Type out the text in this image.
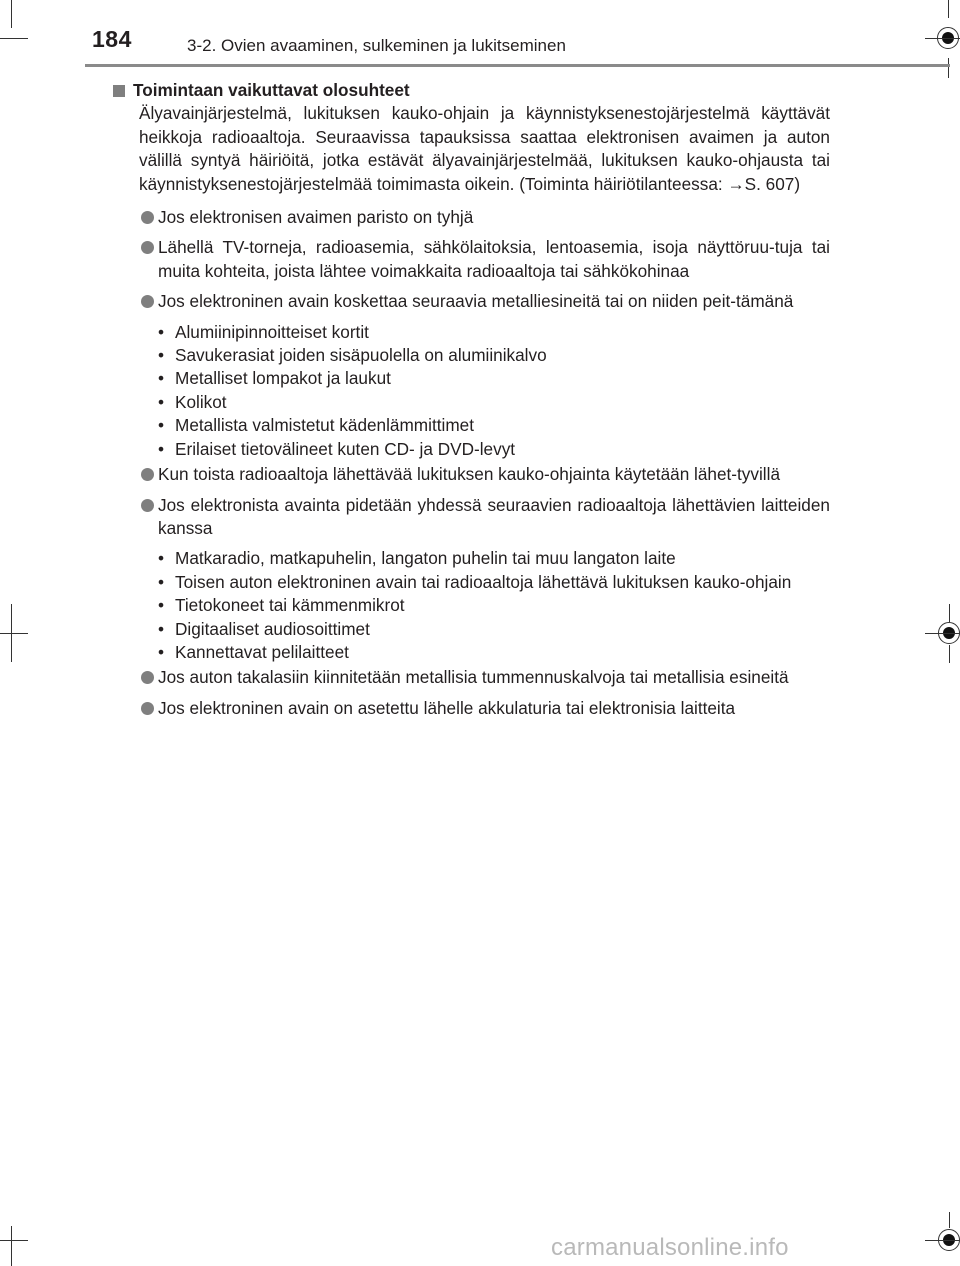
184	3-2. Ovien avaaminen, sulkeminen ja lukitseminen
Toimintaan vaikuttavat olosuhteet
Älyavainjärjestelmä, lukituksen kauko-ohjain ja käynnistyksenestojärjestelmä käyttävät heikkoja radioaaltoja. Seuraavissa tapauksissa saattaa elektronisen avaimen ja auton välillä syntyä häiriöitä, jotka estävät älyavainjärjestelmää, lukituksen kauko-ohjausta tai käynnistyksenestojärjestelmää toimimasta oikein. (Toiminta häiriötilanteessa: →S. 607)
Jos elektronisen avaimen paristo on tyhjä
Lähellä TV-torneja, radioasemia, sähkölaitoksia, lentoasemia, isoja näyttöruu-tuja tai muita kohteita, joista lähtee voimakkaita radioaaltoja tai sähkökohinaa
Jos elektroninen avain koskettaa seuraavia metalliesineitä tai on niiden peit-tämänä
• Alumiinipinnoitteiset kortit
• Savukerasiat joiden sisäpuolella on alumiinikalvo
• Metalliset lompakot ja laukut
• Kolikot
• Metallista valmistetut kädenlämmittimet
• Erilaiset tietovälineet kuten CD- ja DVD-levyt
Kun toista radioaaltoja lähettävää lukituksen kauko-ohjainta käytetään lähet-tyvillä
Jos elektronista avainta pidetään yhdessä seuraavien radioaaltoja lähettävien laitteiden kanssa
• Matkaradio, matkapuhelin, langaton puhelin tai muu langaton laite
• Toisen auton elektroninen avain tai radioaaltoja lähettävä lukituksen kauko-ohjain
• Tietokoneet tai kämmenmikrot
• Digitaaliset audiosoittimet
• Kannettavat pelilaitteet
Jos auton takalasiin kiinnitetään metallisia tummennuskalvoja tai metallisia esineitä
Jos elektroninen avain on asetettu lähelle akkulaturia tai elektronisia laitteita
carmanualsonline.info
